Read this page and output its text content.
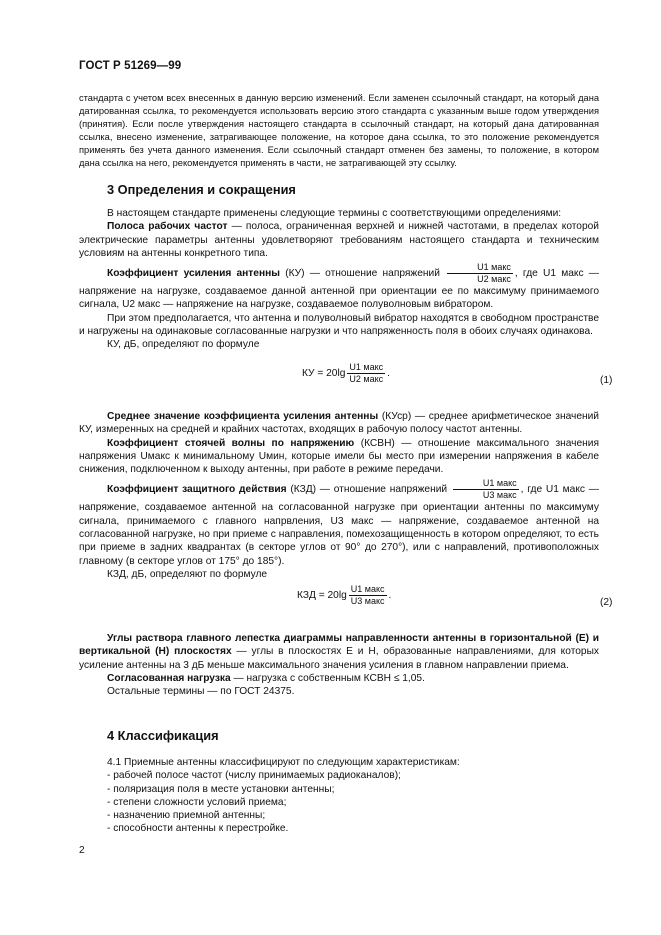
ГОСТ Р 51269—99
стандарта с учетом всех внесенных в данную версию изменений. Если заменен ссылочный стандарт, на который дана датированная ссылка, то рекомендуется использовать версию этого стандарта с указанным выше годом утверждения (принятия). Если после утверждения настоящего стандарта в ссылочный стандарт, на который дана датированная ссылка, внесено изменение, затрагивающее положение, на которое дана ссылка, то это положение рекомендуется применять без учета данного изменения. Если ссылочный стандарт отменен без замены, то положение, в котором дана ссылка на него, рекомендуется применять в части, не затрагивающей эту ссылку.
3 Определения и сокращения
В настоящем стандарте применены следующие термины с соответствующими определениями:
Полоса рабочих частот — полоса, ограниченная верхней и нижней частотами, в пределах которой электрические параметры антенны удовлетворяют требованиям настоящего стандарта и техническим условиям на антенны конкретного типа.
Коэффициент усиления антенны (КУ) — отношение напряжений $\frac{\text{U1 макс}}{\text{U2 макс}}$ , где U1 макс — напряжение на нагрузке, создаваемое данной антенной при ориентации ее по максимуму принимаемого сигнала, U2 макс — напряжение на нагрузке, создаваемое полуволновым вибратором.
При этом предполагается, что антенна и полуволновый вибратор находятся в свободном пространстве и нагружены на одинаковые согласованные нагрузки и что напряженность поля в обоих случаях одинакова.
КУ, дБ, определяют по формуле
КУ = $20\lg \frac{\text{U1 макс}}{\text{U2 макс}}$ .
(1)
Среднее значение коэффициента усиления антенны (КУср) — среднее арифметическое значений КУ, измеренных на средней и крайних частотах, входящих в рабочую полосу частот антенны.
Коэффициент стоячей волны по напряжению (КСВН) — отношение максимального значения напряжения Uмакс к минимальному Uмин, которые имели бы место при измерении напряжения в кабеле снижения, подключенном к выходу антенны, при работе в режиме передачи.
Коэффициент защитного действия (КЗД) — отношение напряжений $\frac{\text{U1 макс}}{\text{U3 макс}}$ , где U1 макс — напряжение, создаваемое антенной на согласованной нагрузке при ориентации антенны по максимуму сигнала, принимаемого с главного напрвления, U3 макс — напряжение, создаваемое антенной на согласованной нагрузке, но при приеме с направления, помехозащищенность в котором определяют, то есть при приеме в задних квадрантах (в секторе углов от 90° до 270°), или с направлений, противоположных главному (в секторе углов от 175° до 185°).
КЗД, дБ, определяют по формуле
КЗД = $20\lg \frac{\text{U1 макс}}{\text{U3 макс}}$ .
(2)
Углы раствора главного лепестка диаграммы направленности антенны в горизонтальной (Е) и вертикальной (Н) плоскостях — углы в плоскостях E и H, образованные направлениями, для которых усиление антенны на 3 дБ меньше максимального значения усиления в главном направлении приема.
Согласованная нагрузка — нагрузка с собственным КСВН ≤ 1,05.
Остальные термины — по ГОСТ 24375.
4 Классификация
4.1 Приемные антенны классифицируют по следующим характеристикам:
- рабочей полосе частот (числу принимаемых радиоканалов);
- поляризация поля в месте установки антенны;
- степени сложности условий приема;
- назначению приемной антенны;
- способности антенны к перестройке.
2
